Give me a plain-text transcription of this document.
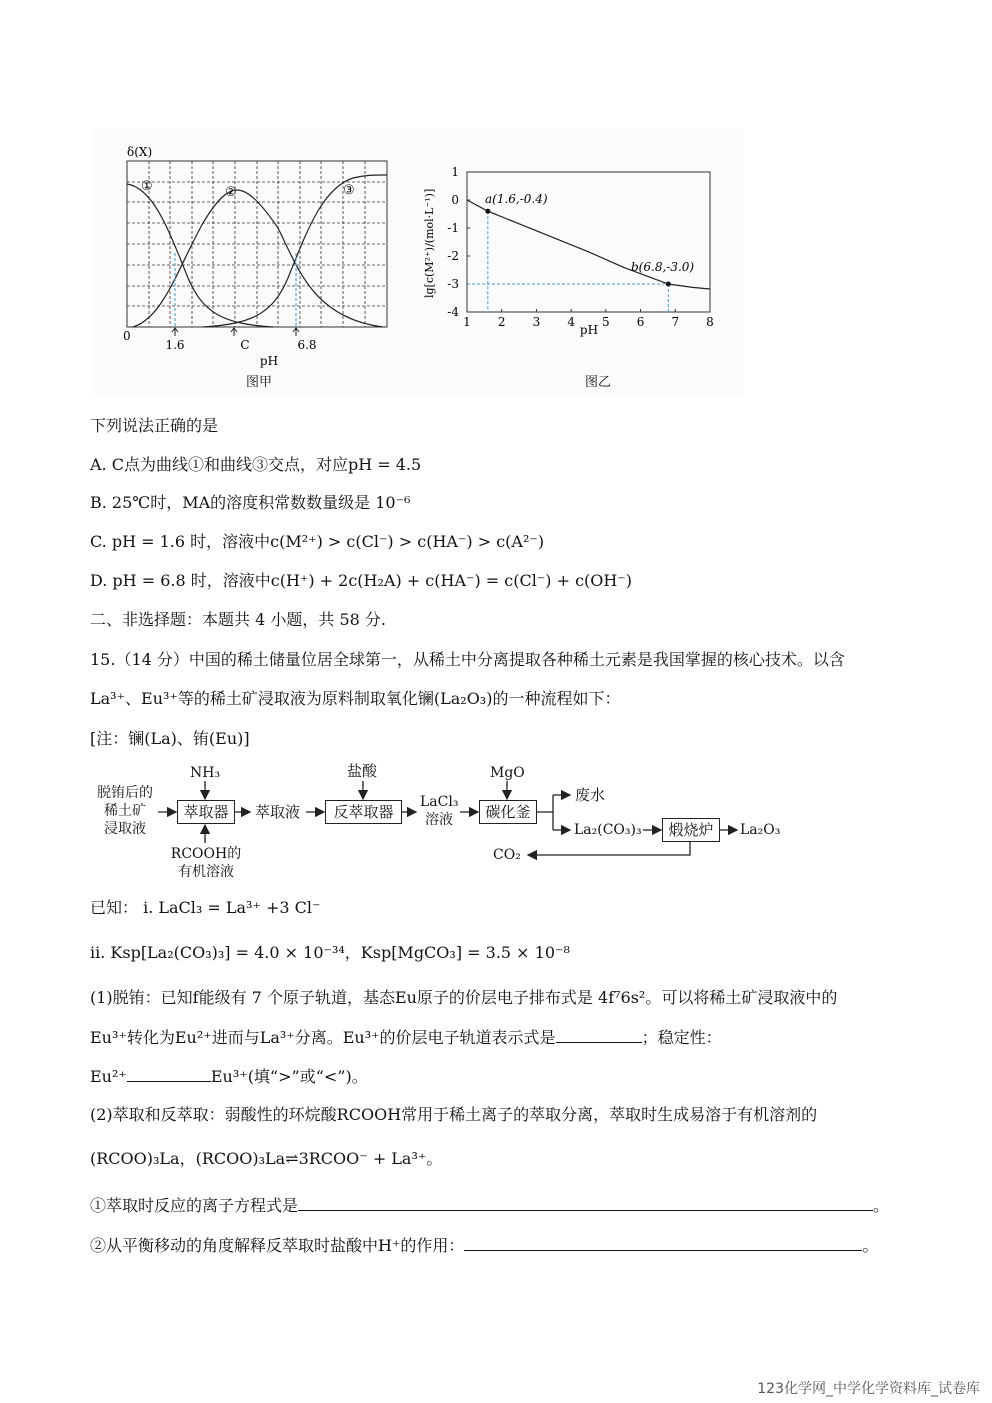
δ(X)
①	②	③
0
1.6	C	6.8
pH
图甲
lg[c(M²⁺)/(mol·L⁻¹)]
1
0
-1
-2
-3
-4
1 2 3 4 5 6 7 8
a(1.6,-0.4)
b(6.8,-3.0)
pH
图乙
下列说法正确的是
A. C点为曲线①和曲线③交点，对应pH = 4.5
B. 25℃时，MA的溶度积常数数量级是 10⁻⁶
C. pH = 1.6 时，溶液中c(M²⁺) > c(Cl⁻) > c(HA⁻) > c(A²⁻)
D. pH = 6.8 时，溶液中c(H⁺) + 2c(H₂A) + c(HA⁻) = c(Cl⁻) + c(OH⁻)
二、非选择题：本题共 4 小题，共 58 分.
15.（14 分）中国的稀土储量位居全球第一，从稀土中分离提取各种稀土元素是我国掌握的核心技术。以含
La³⁺、Eu³⁺等的稀土矿浸取液为原料制取氧化镧(La₂O₃)的一种流程如下：
[注：镧(La)、铕(Eu)]
脱铕后的
稀土矿
浸取液
NH₃
萃取器
RCOOH的
有机溶液
萃取液
盐酸
反萃取器
LaCl₃
溶液
MgO
碳化釜
废水
La₂(CO₃)₃	煅烧炉	La₂O₃
CO₂
已知： ⅰ. LaCl₃ = La³⁺ +3 Cl⁻
ⅱ. Ksp[La₂(CO₃)₃] = 4.0 × 10⁻³⁴，Ksp[MgCO₃] = 3.5 × 10⁻⁸
(1)脱铕：已知f能级有 7 个原子轨道，基态Eu原子的价层电子排布式是 4f⁷6s²。可以将稀土矿浸取液中的
Eu³⁺转化为Eu²⁺进而与La³⁺分离。Eu³⁺的价层电子轨道表示式是	；稳定性：
Eu²⁺	Eu³⁺(填“>”或“<”)。
(2)萃取和反萃取：弱酸性的环烷酸RCOOH常用于稀土离子的萃取分离，萃取时生成易溶于有机溶剂的
(RCOO)₃La，(RCOO)₃La⇌3RCOO⁻ + La³⁺。
①萃取时反应的离子方程式是	。
②从平衡移动的角度解释反萃取时盐酸中H⁺的作用：	。
123化学网_中学化学资料库_试卷库
